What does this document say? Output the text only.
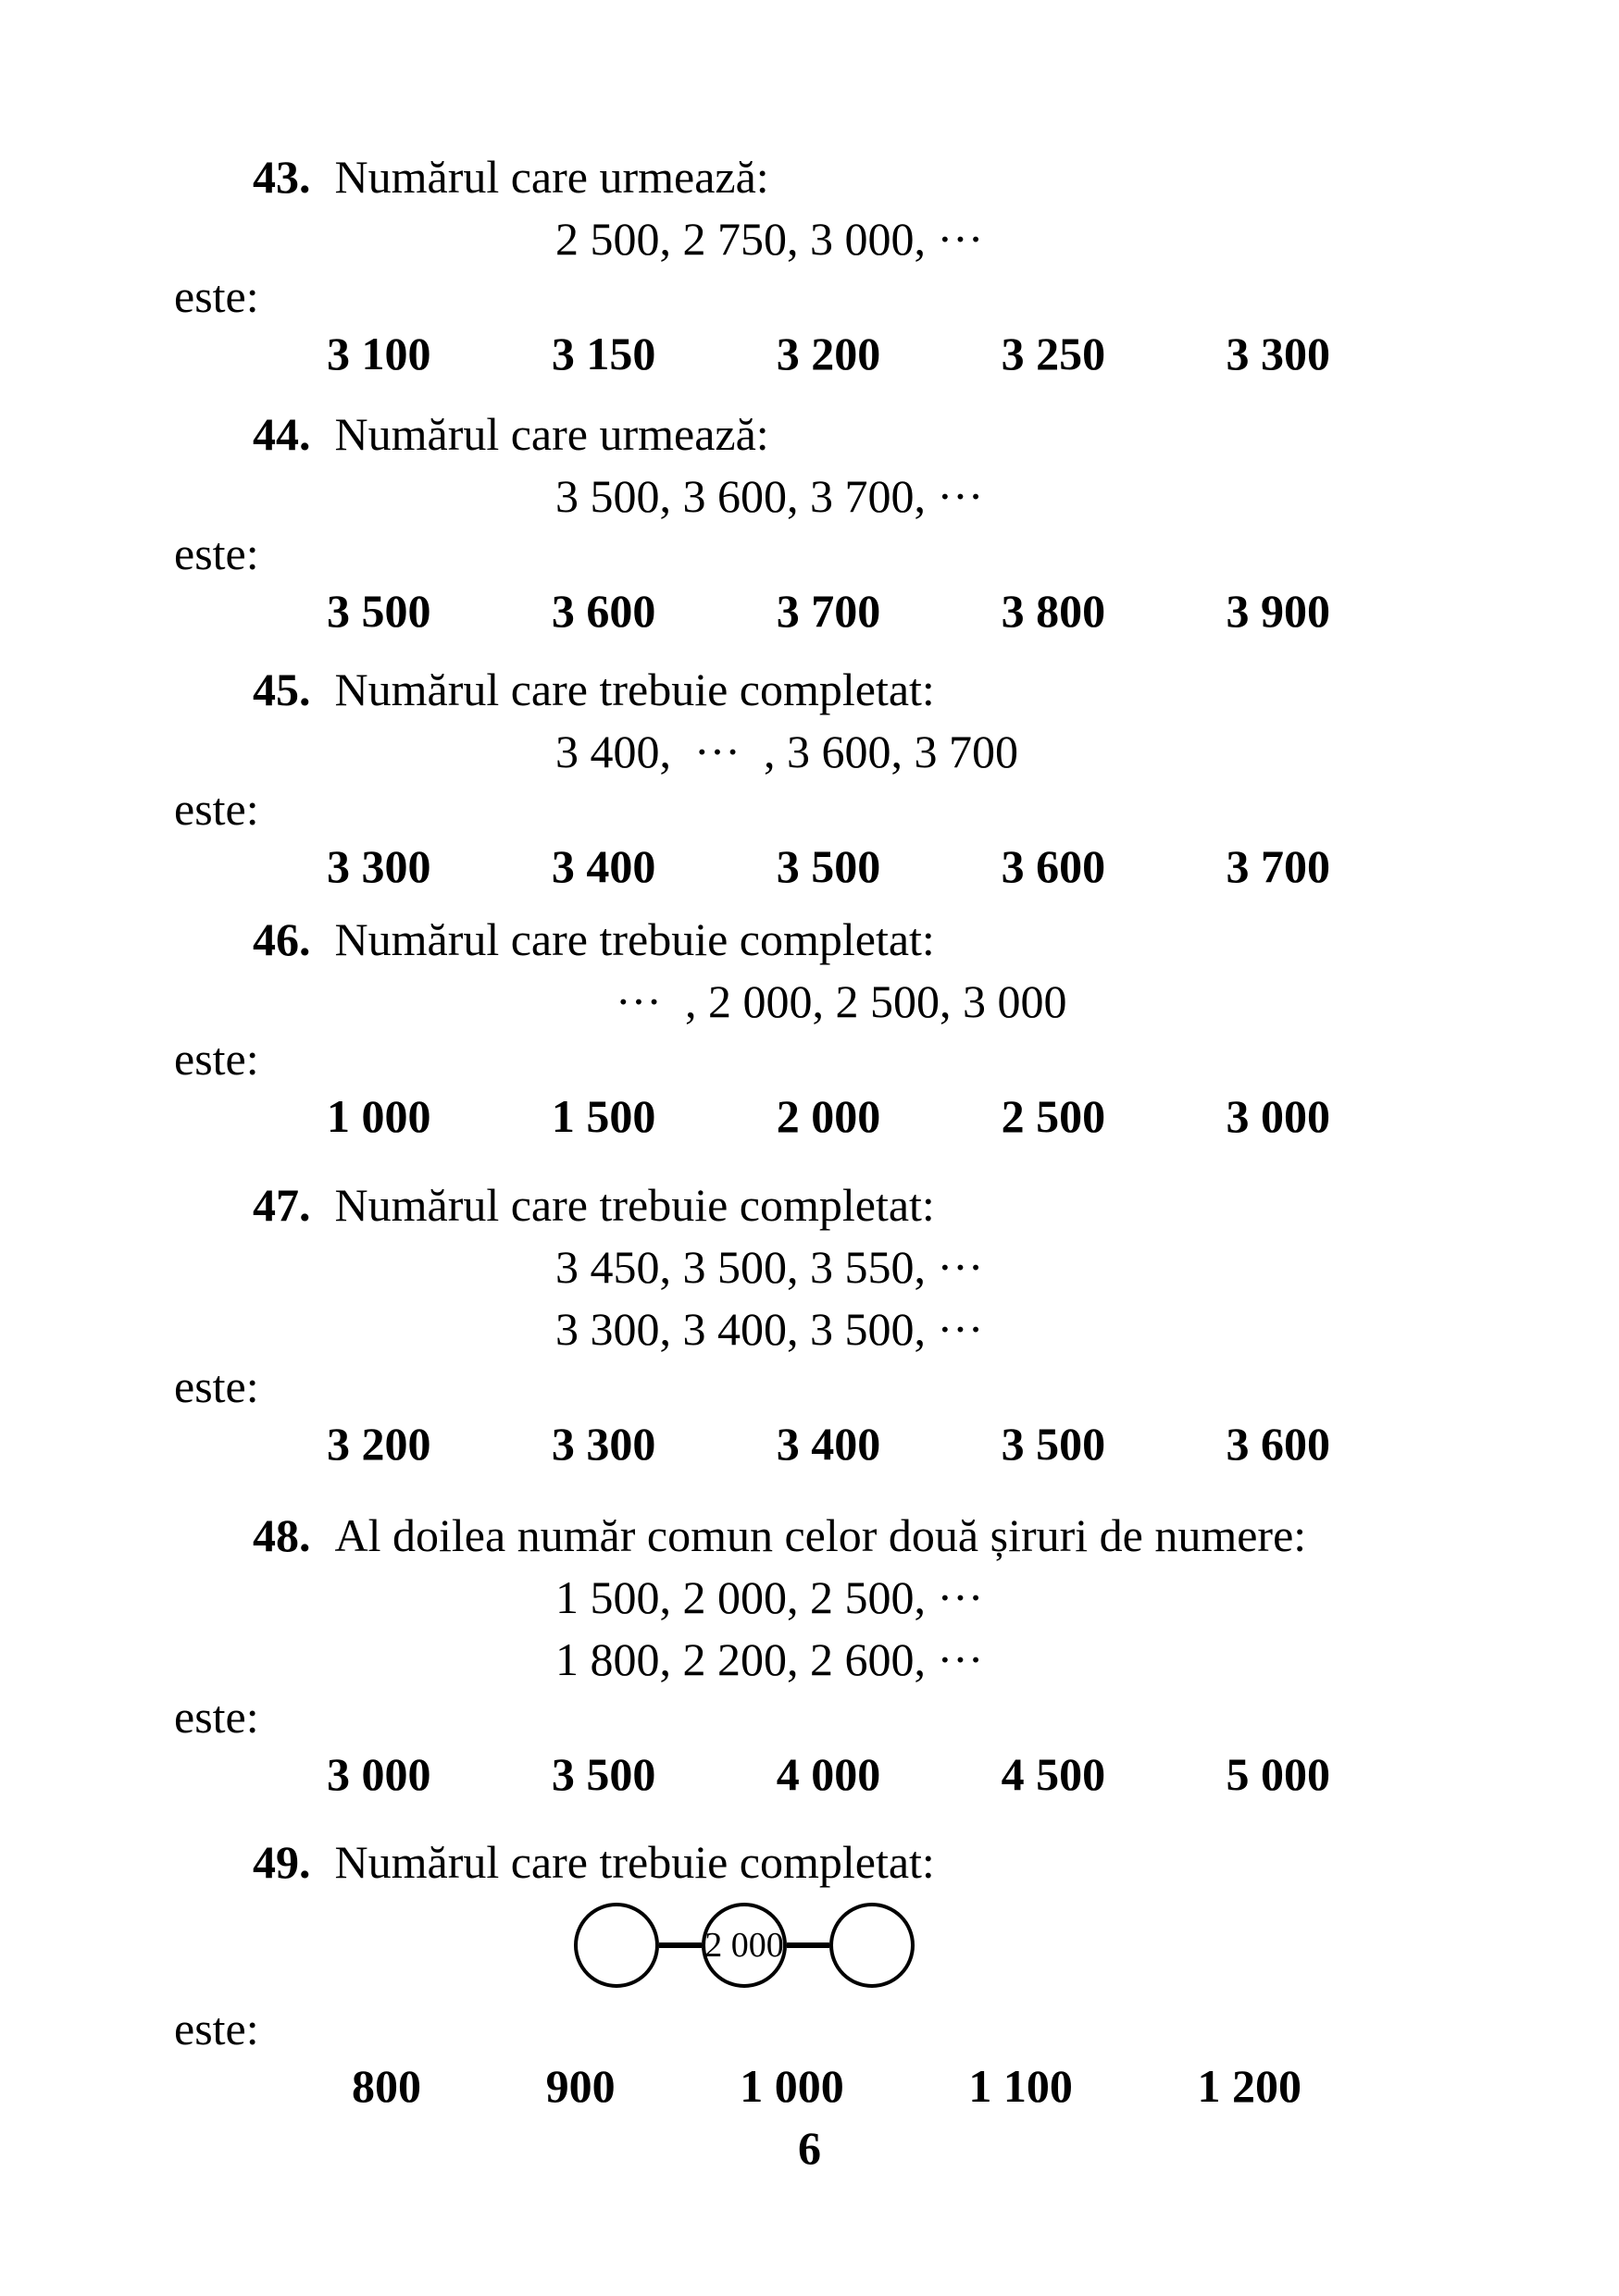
43. Numărul care urmează:
2 500, 2 750, 3 000, ···
este:
3 100	3 150	3 200	3 250	3 300
44. Numărul care urmează:
3 500, 3 600, 3 700, ···
este:
3 500	3 600	3 700	3 800	3 900
45. Numărul care trebuie completat:
3 400,  ···  , 3 600, 3 700
este:
3 300	3 400	3 500	3 600	3 700
46. Numărul care trebuie completat:
···  , 2 000, 2 500, 3 000
este:
1 000	1 500	2 000	2 500	3 000
47. Numărul care trebuie completat:
3 450, 3 500, 3 550, ···
3 300, 3 400, 3 500, ···
este:
3 200	3 300	3 400	3 500	3 600
48. Al doilea număr comun celor două șiruri de numere:
1 500, 2 000, 2 500, ···
1 800, 2 200, 2 600, ···
este:
3 000	3 500	4 000	4 500	5 000
49. Numărul care trebuie completat:
2 000
este:
800	900	1 000	1 100	1 200
6
